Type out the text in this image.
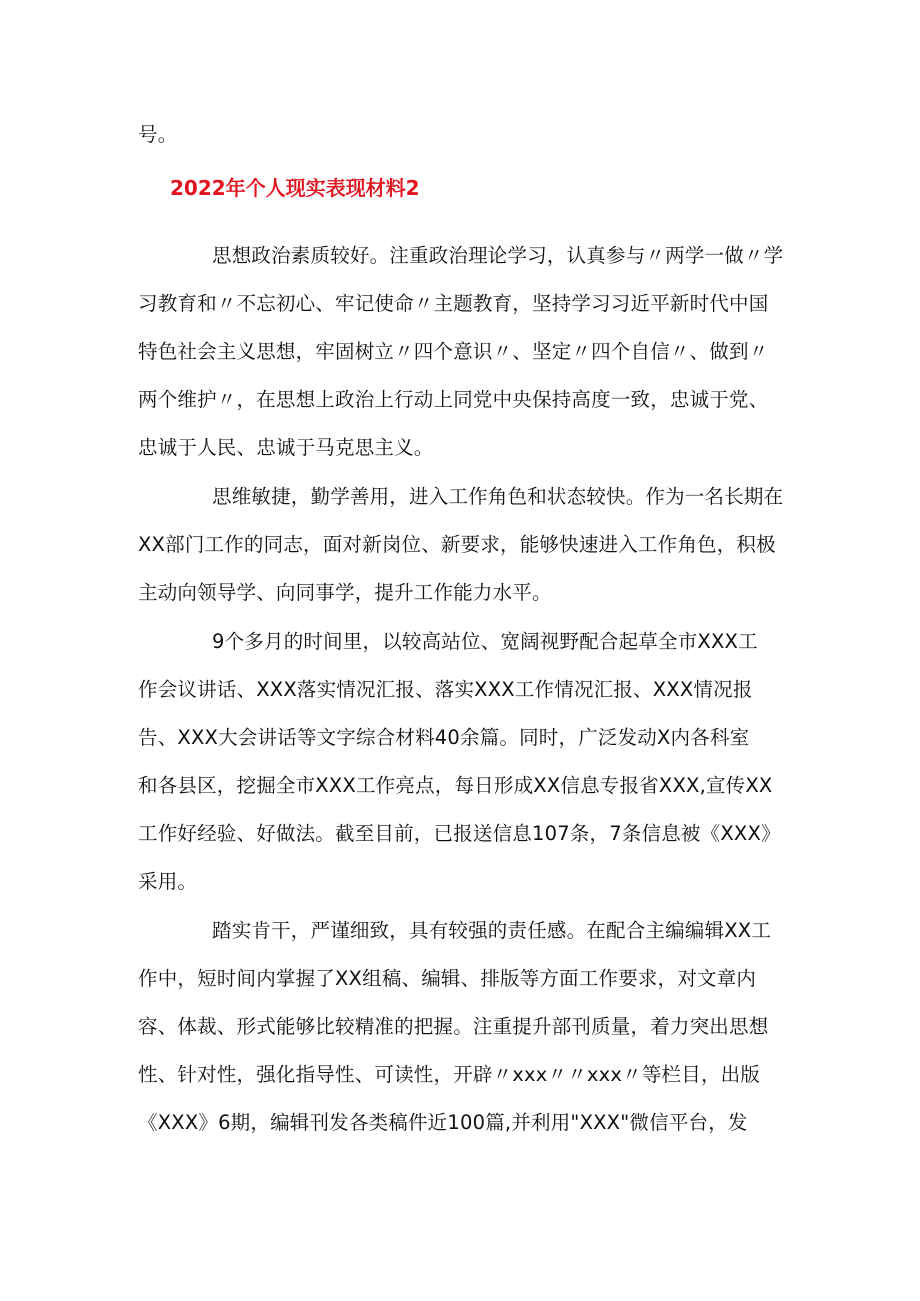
号。
2022年个人现实表现材料2
思想政治素质较好。注重政治理论学习，认真参与〃两学一做〃学
习教育和〃不忘初心、牢记使命〃主题教育，坚持学习习近平新时代中国
特色社会主义思想，牢固树立〃四个意识〃、坚定〃四个自信〃、做到〃
两个维护〃，在思想上政治上行动上同党中央保持高度一致，忠诚于党、
忠诚于人民、忠诚于马克思主义。
思维敏捷，勤学善用，进入工作角色和状态较快。作为一名长期在
XX部门工作的同志，面对新岗位、新要求，能够快速进入工作角色，积极
主动向领导学、向同事学，提升工作能力水平。
9个多月的时间里，以较高站位、宽阔视野配合起草全市XXX工
作会议讲话、XXX落实情况汇报、落实XXX工作情况汇报、XXX情况报
告、XXX大会讲话等文字综合材料40余篇。同时，广泛发动X内各科室
和各县区，挖掘全市XXX工作亮点，每日形成XX信息专报省XXX,宣传XX
工作好经验、好做法。截至目前，已报送信息107条，7条信息被《XXX》
采用。
踏实肯干，严谨细致，具有较强的责任感。在配合主编编辑XX工
作中，短时间内掌握了XX组稿、编辑、排版等方面工作要求，对文章内
容、体裁、形式能够比较精准的把握。注重提升部刊质量，着力突出思想
性、针对性，强化指导性、可读性，开辟〃xxx〃〃xxx〃等栏目，出版
《XXX》6期，编辑刊发各类稿件近100篇,并利用"XXX"微信平台，发
